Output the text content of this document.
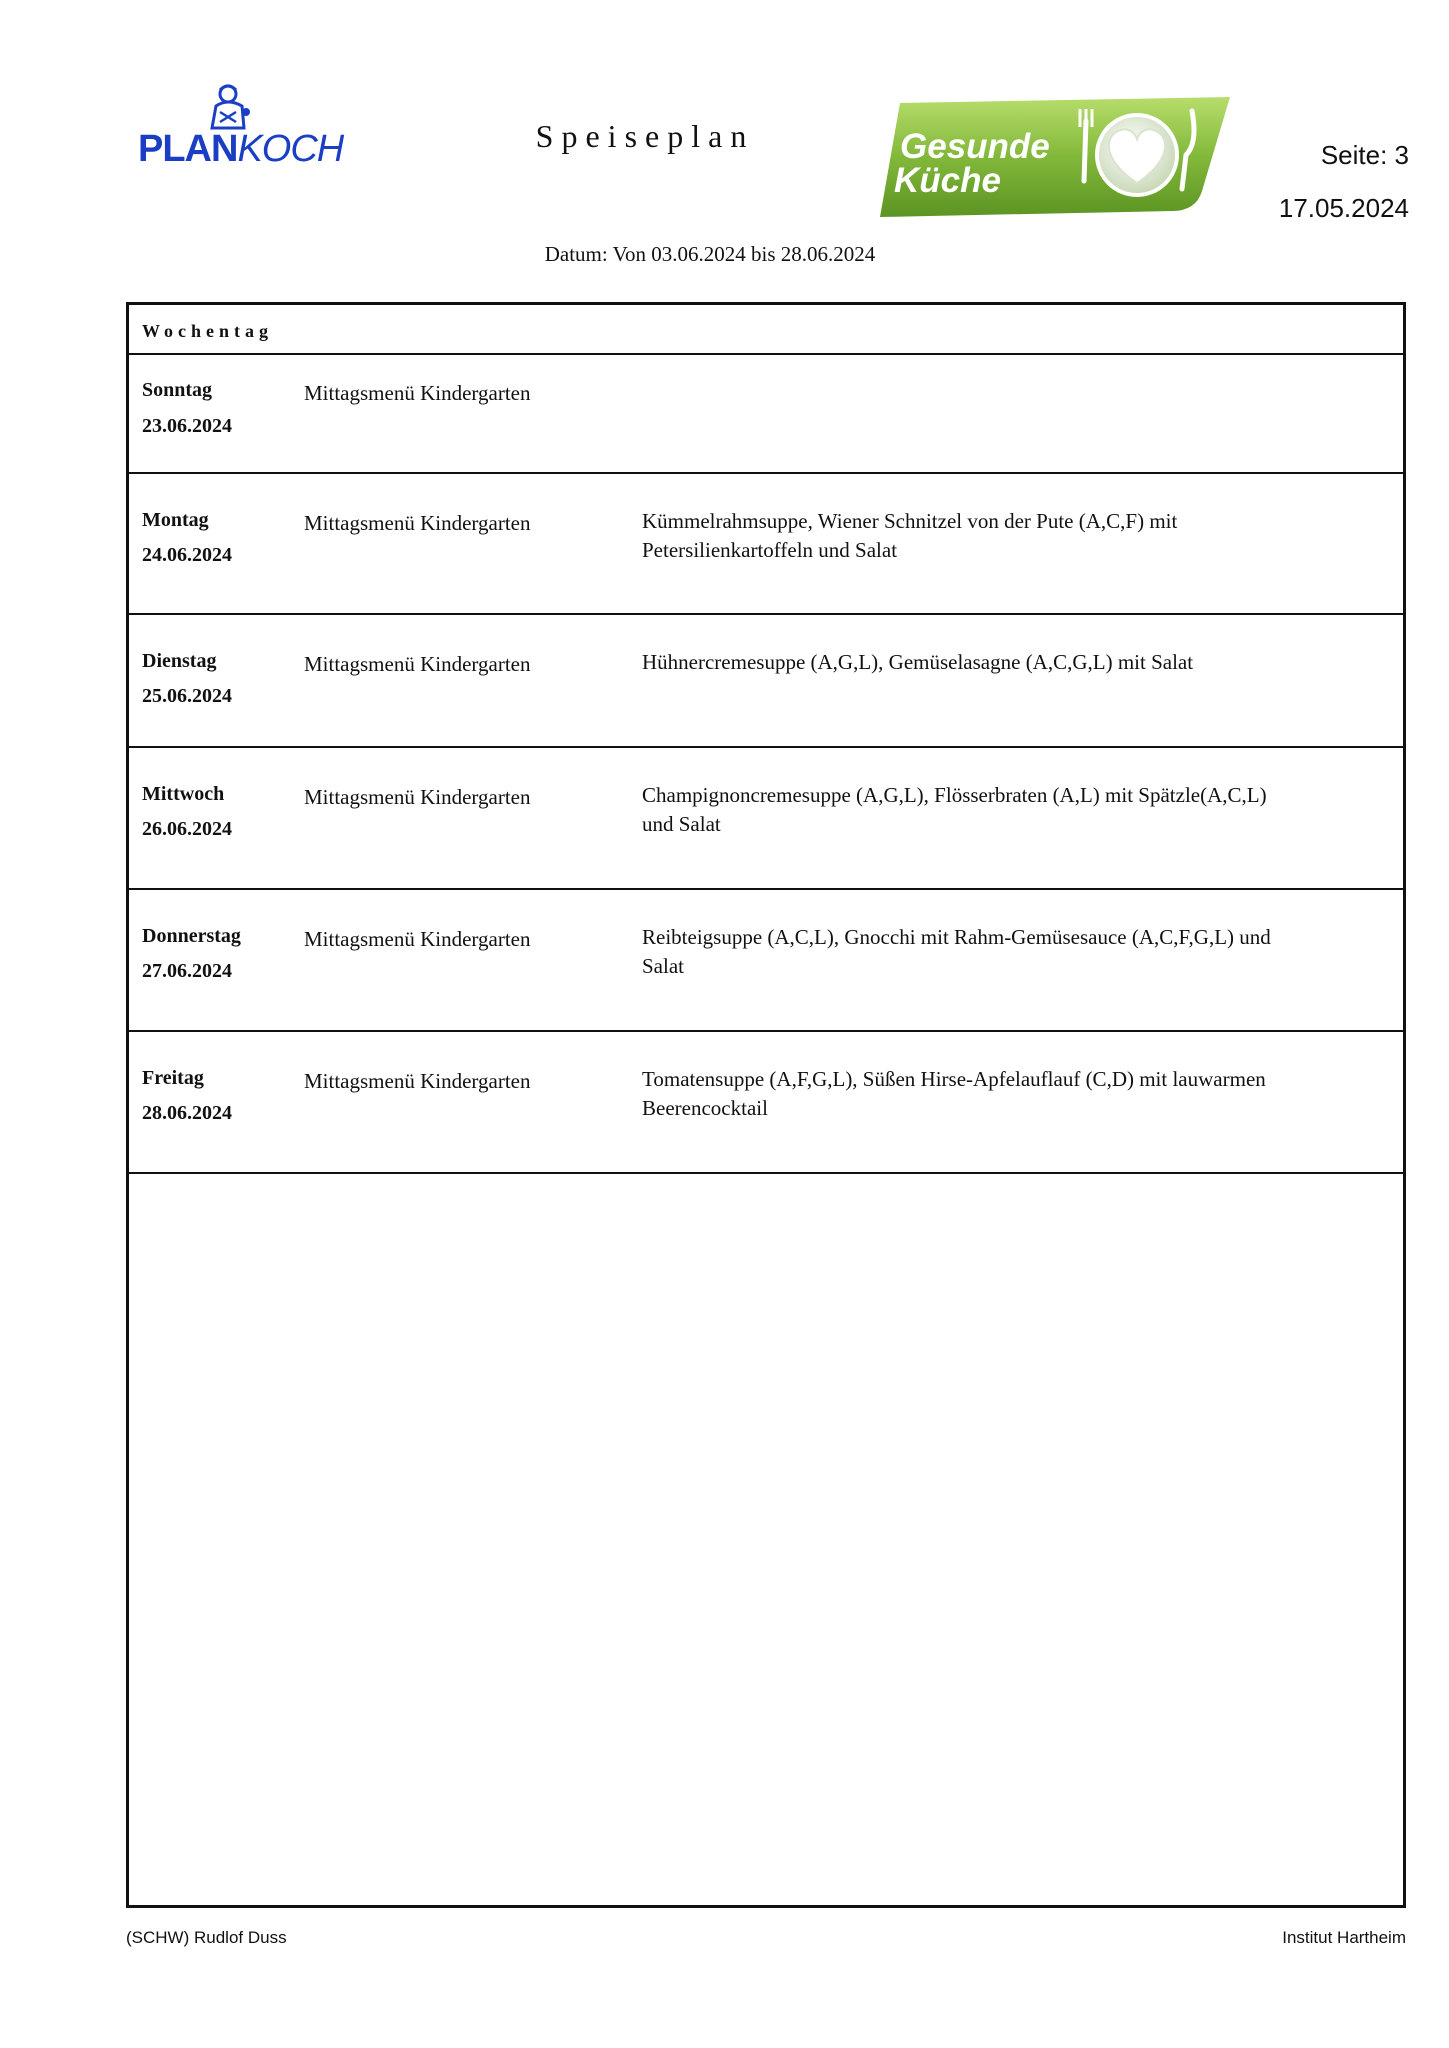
PLANKOCH	Speiseplan
Datum: Von 03.06.2024 bis 28.06.2024
Gesunde
Küche
Seite: 3
17.05.2024
Wochentag
Sonntag
23.06.2024
Mittagsmenü Kindergarten
Montag
24.06.2024
Mittagsmenü Kindergarten	Kümmelrahmsuppe, Wiener Schnitzel von der Pute (A,C,F) mit Petersilienkartoffeln und Salat
Dienstag
25.06.2024
Mittagsmenü Kindergarten	Hühnercremesuppe (A,G,L), Gemüselasagne (A,C,G,L) mit Salat
Mittwoch
26.06.2024
Mittagsmenü Kindergarten	Champignoncremesuppe (A,G,L), Flösserbraten (A,L) mit Spätzle(A,C,L) und Salat
Donnerstag
27.06.2024
Mittagsmenü Kindergarten	Reibteigsuppe (A,C,L), Gnocchi mit Rahm-Gemüsesauce (A,C,F,G,L) und Salat
Freitag
28.06.2024
Mittagsmenü Kindergarten	Tomatensuppe (A,F,G,L), Süßen Hirse-Apfelauflauf (C,D) mit lauwarmen Beerencocktail
(SCHW) Rudlof Duss	Institut Hartheim
